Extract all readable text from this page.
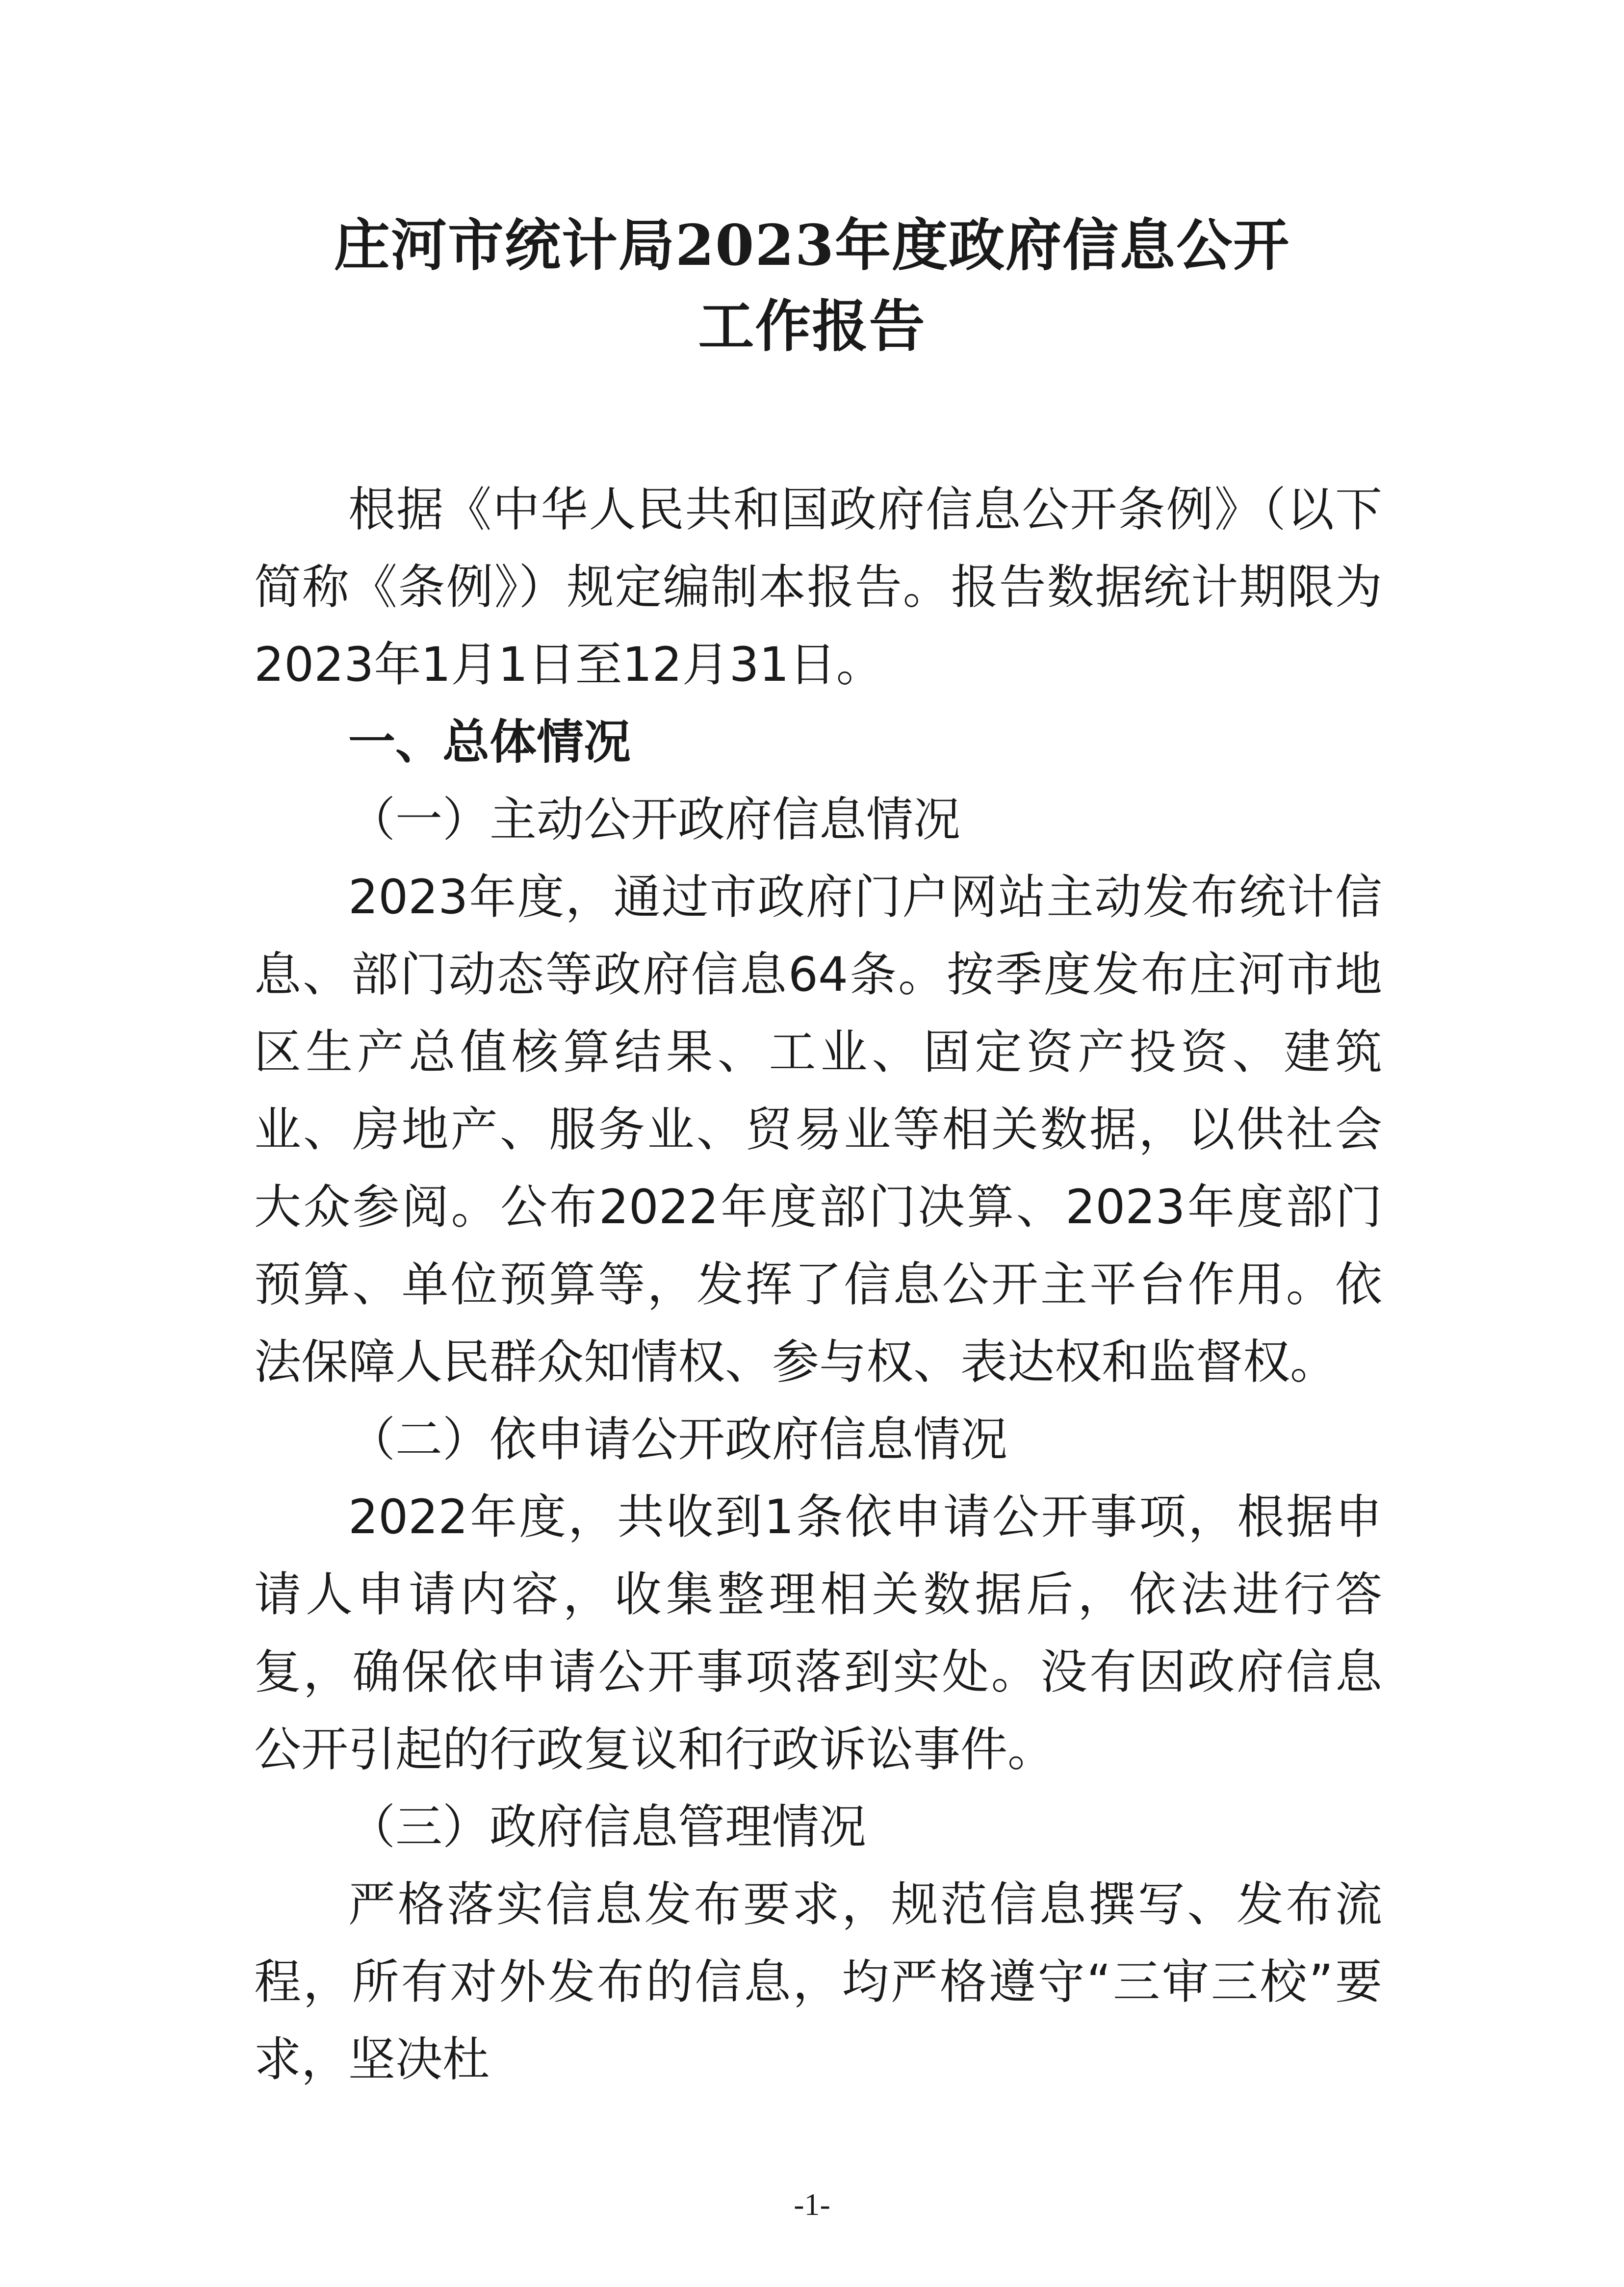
庄河市统计局2023年度政府信息公开
工作报告

根据《中华人民共和国政府信息公开条例》（以下简称《条例》）规定编制本报告。报告数据统计期限为2023年1月1日至12月31日。

一、总体情况

（一）主动公开政府信息情况

2023年度，通过市政府门户网站主动发布统计信息、部门动态等政府信息64条。按季度发布庄河市地区生产总值核算结果、工业、固定资产投资、建筑业、房地产、服务业、贸易业等相关数据，以供社会大众参阅。公布2022年度部门决算、2023年度部门预算、单位预算等，发挥了信息公开主平台作用。依法保障人民群众知情权、参与权、表达权和监督权。

（二）依申请公开政府信息情况

2022年度，共收到1条依申请公开事项，根据申请人申请内容，收集整理相关数据后，依法进行答复，确保依申请公开事项落到实处。没有因政府信息公开引起的行政复议和行政诉讼事件。

（三）政府信息管理情况

严格落实信息发布要求，规范信息撰写、发布流程，所有对外发布的信息，均严格遵守“三审三校”要求，坚决杜

-1-
